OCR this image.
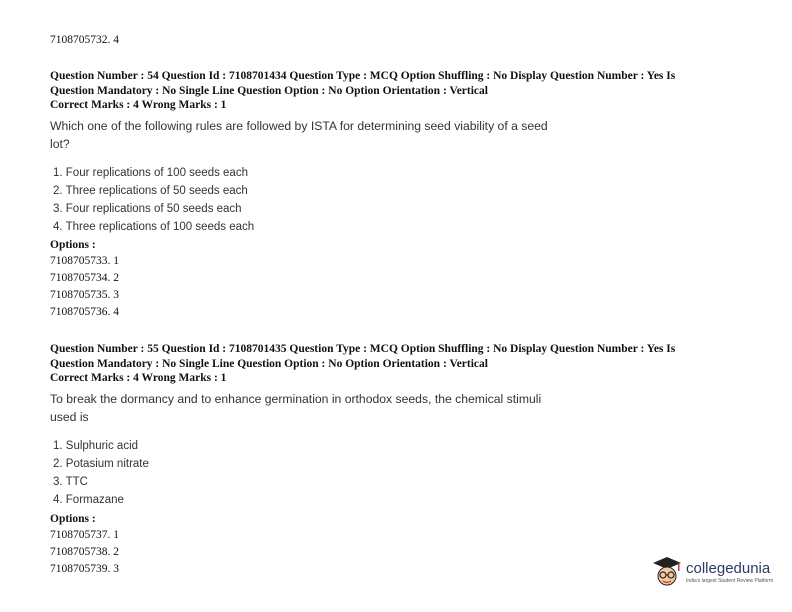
7108705732. 4
Question Number : 54 Question Id : 7108701434 Question Type : MCQ Option Shuffling : No Display Question Number : Yes Is
Question Mandatory : No Single Line Question Option : No Option Orientation : Vertical
Correct Marks : 4 Wrong Marks : 1
Which one of the following rules are followed by ISTA for determining seed viability of a seed lot?
1. Four replications of 100 seeds each
2. Three replications of 50 seeds each
3. Four replications of 50 seeds each
4. Three replications of 100 seeds each
Options :
7108705733. 1
7108705734. 2
7108705735. 3
7108705736. 4
Question Number : 55 Question Id : 7108701435 Question Type : MCQ Option Shuffling : No Display Question Number : Yes Is
Question Mandatory : No Single Line Question Option : No Option Orientation : Vertical
Correct Marks : 4 Wrong Marks : 1
To break the dormancy and to enhance germination in orthodox seeds, the chemical stimuli used is
1. Sulphuric acid
2. Potasium nitrate
3. TTC
4. Formazane
Options :
7108705737. 1
7108705738. 2
7108705739. 3	collegedunia
India's largest Student Review Platform
